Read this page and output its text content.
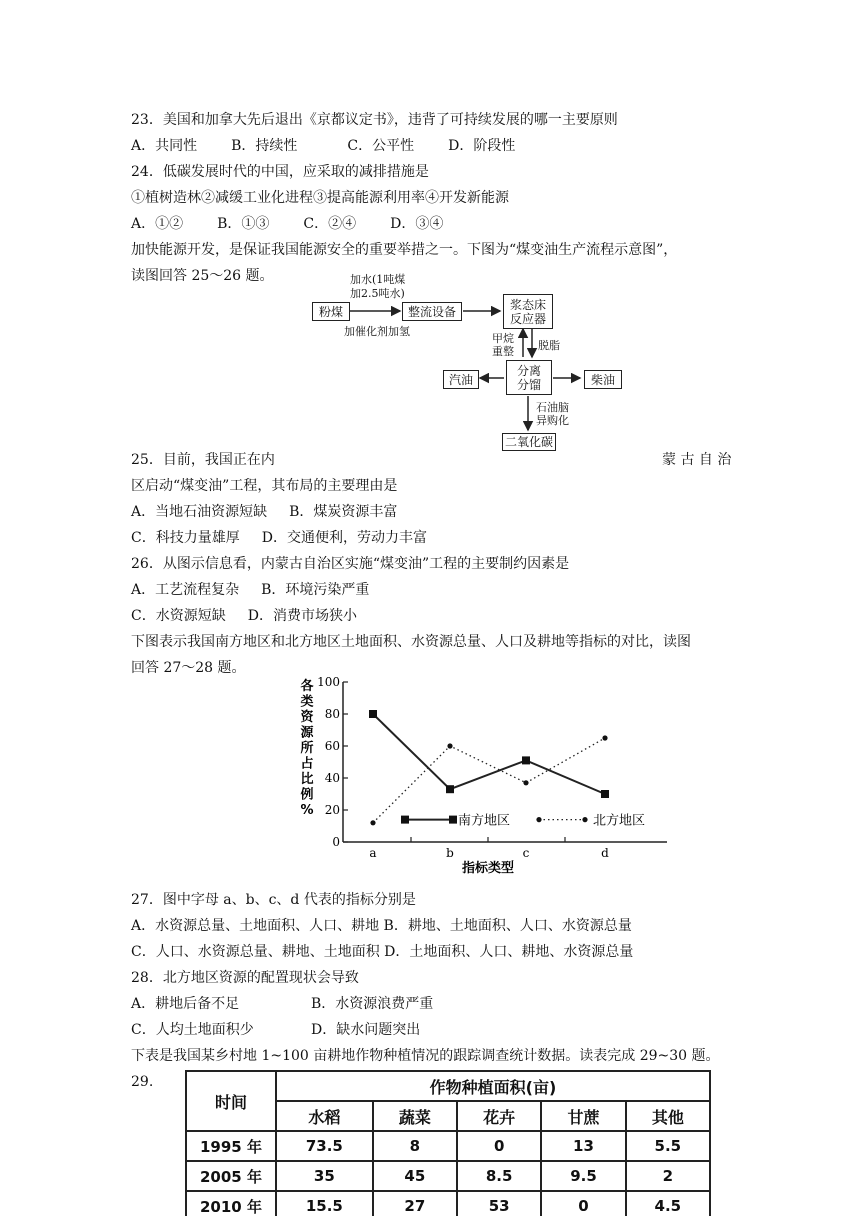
23．美国和加拿大先后退出《京都议定书》，违背了可持续发展的哪一主要原则
A．共同性 B．持续性	C．公平性 D．阶段性
24．低碳发展时代的中国，应采取的减排措施是
①植树造林②减缓工业化进程③提高能源利用率④开发新能源
A．①② B．①③ C．②④ D．③④
加快能源开发，是保证我国能源安全的重要举措之一。下图为“煤变油生产流程示意图”，
读图回答 25～26 题。	加水(1吨煤
加2.5吨水)
粉煤	整流设备
加催化剂加氢
浆态床
反应器
甲烷
重整 脱脂
分离
分馏
汽油	柴油
石油脑
异购化
二氧化碳
25．目前，我国正在内	蒙 古 自 治
区启动“煤变油”工程，其布局的主要理由是
A．当地石油资源短缺 B．煤炭资源丰富
C．科技力量雄厚 D．交通便利，劳动力丰富
26．从图示信息看，内蒙古自治区实施“煤变油”工程的主要制约因素是
A．工艺流程复杂 B．环境污染严重
C．水资源短缺 D．消费市场狭小
下图表示我国南方地区和北方地区土地面积、水资源总量、人口及耕地等指标的对比，读图
回答 27～28 题。
0
20
40
60
80
100
a	b	c	d
各
类
资
源
所
占
比
例
%
指标类型
南方地区	北方地区
27．图中字母 a、b、c、d 代表的指标分别是
A．水资源总量、土地面积、人口、耕地 B．耕地、土地面积、人口、水资源总量
C．人口、水资源总量、耕地、土地面积 D．土地面积、人口、耕地、水资源总量
28．北方地区资源的配置现状会导致
A．耕地后备不足	B．水资源浪费严重
C．人均土地面积少	D．缺水问题突出
下表是我国某乡村地 1~100 亩耕地作物种植情况的跟踪调查统计数据。读表完成 29~30 题。
29.
时间	作物种植面积(亩)				
	水稻	蔬菜	花卉	甘蔗	其他
1995 年	73.5	8	0	13	5.5
2005 年	35	45	8.5	9.5	2
2010 年	15.5	27	53	0	4.5
